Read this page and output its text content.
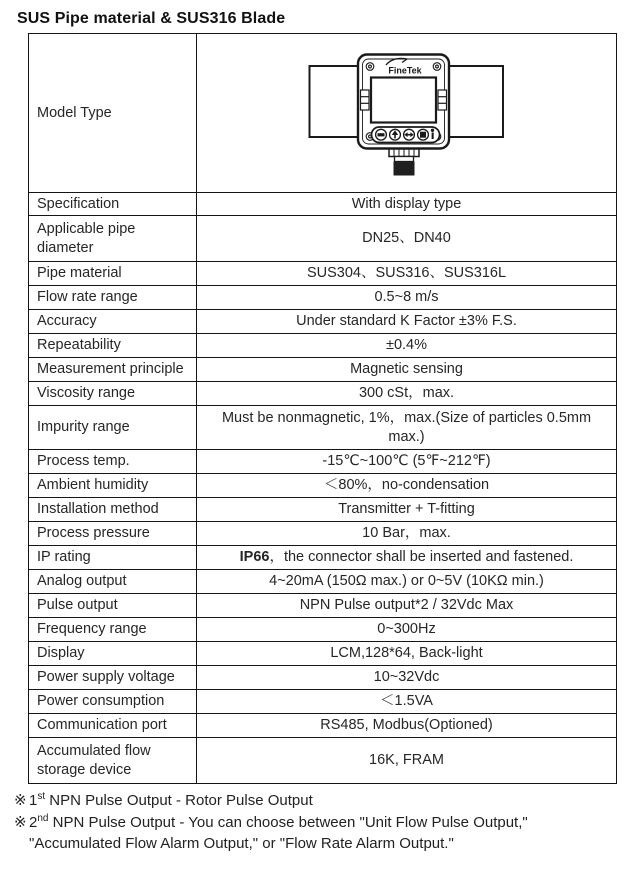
SUS Pipe material & SUS316 Blade
Model Type	FineTek

Specification	With display type
Applicable pipe diameter	DN25、DN40
Pipe material	SUS304、SUS316、SUS316L
Flow rate range	0.5~8 m/s
Accuracy	Under standard K Factor ±3% F.S.
Repeatability	±0.4%
Measurement principle	Magnetic sensing
Viscosity range	300 cSt，max.
Impurity range	Must be nonmagnetic, 1%，max.(Size of particles 0.5mm max.)
Process temp.	-15℃~100℃ (5℉~212℉)
Ambient humidity	＜80%，no-condensation
Installation method	Transmitter + T-fitting
Process pressure	10 Bar，max.
IP rating	IP66，the connector shall be inserted and fastened.
Analog output	4~20mA (150Ω max.) or 0~5V (10KΩ min.)
Pulse output	NPN Pulse output*2 / 32Vdc Max
Frequency range	0~300Hz
Display	LCM,128*64, Back-light
Power supply voltage	10~32Vdc
Power consumption	＜1.5VA
Communication port	RS485, Modbus(Optioned)
Accumulated flow storage device	16K, FRAM
※ 1st NPN Pulse Output - Rotor Pulse Output
※ 2nd NPN Pulse Output - You can choose between "Unit Flow Pulse Output," "Accumulated Flow Alarm Output," or "Flow Rate Alarm Output."
